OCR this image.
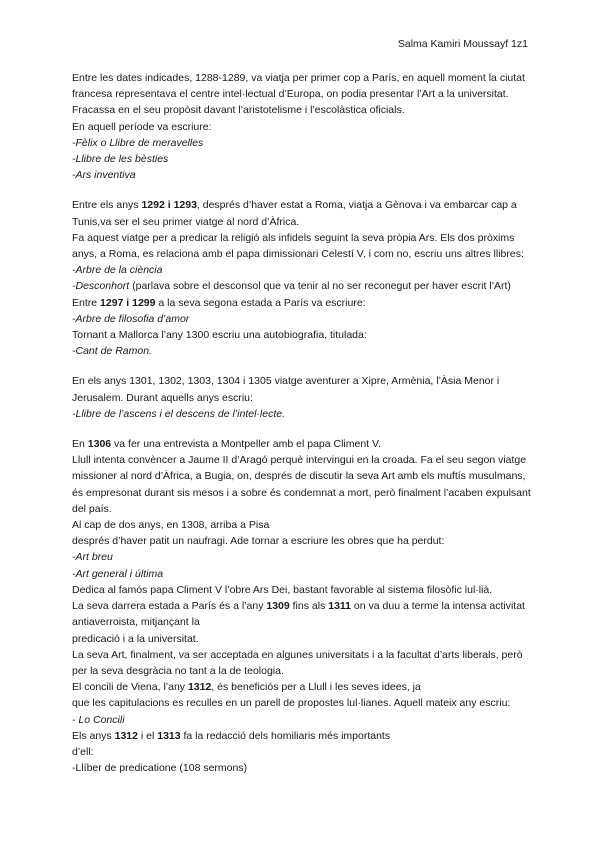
Salma Kamiri Moussayf 1z1

Entre les dates indicades, 1288-1289, va viatja per primer cop a París, en aquell moment la ciutat francesa representava el centre intel·lectual d’Europa, on podia presentar l’Art a la universitat. Fracassa en el seu propòsit davant l’aristotelisme i l’escolàstica oficials.

En aquell període va escriure:

-Fèlix o Llibre de meravelles

-Llibre de les bèsties

-Ars inventiva

Entre els anys 1292 i 1293, després d’haver estat a Roma, viatja a Gènova i va embarcar cap a Tunis,va ser el seu primer viatge al nord d’Àfrica.

Fa aquest viatge per a predicar la religió als infidels seguint la seva pròpia Ars. Els dos pròxims anys, a Roma, es relaciona amb el papa dimissionari Celestí V, i com no, escriu uns altres llibres:

-Arbre de la ciència

-Desconhort (parlava sobre el desconsol que va tenir al no ser reconegut per haver escrit l’Art)

Entre 1297 i 1299 a la seva segona estada a París va escriure:

-Arbre de filosofia d’amor

Tornant a Mallorca l’any 1300 escriu una autobiografia, titulada:

-Cant de Ramon.

En els anys 1301, 1302, 1303, 1304 i 1305 viatge aventurer a Xipre, Armènia, l’Àsia Menor i Jerusalem. Durant aquells anys escriu:

-Llibre de l’ascens i el descens de l’intel·lecte.

En 1306 va fer una entrevista a Montpeller amb el papa Climent V.

Llull intenta convèncer a Jaume II d’Aragó perquè intervingui en la croada. Fa el seu segon viatge missioner al nord d’Àfrica, a Bugia, on, després de discutir la seva Art amb els muftís musulmans, és empresonat durant sis mesos i a sobre és condemnat a mort, però finalment l’acaben expulsant del país.

Al cap de dos anys, en 1308, arriba a Pisa

després d’haver patit un naufragi. Ade tornar a escriure les obres que ha perdut:

-Art breu

-Art general i última

Dedica al famós papa Climent V l’obre Ars Dei, bastant favorable al sistema filosòfic lul·lià.

La seva darrera estada a París és a l’any 1309 fins als 1311 on va duu a terme la intensa activitat antiaverroista, mitjançant la

predicació i a la universitat.

La seva Art, finalment, va ser acceptada en algunes universitats i a la facultat d’arts liberals, però per la seva desgràcia no tant a la de teologia.

El concili de Viena, l’any 1312, és beneficiós per a Llull i les seves idees, ja

que les capitulacions es reculles en un parell de propostes lul·lianes. Aquell mateix any escriu:

- Lo Concili

Els anys 1312 i el 1313 fa la redacció dels homiliaris més importants

d’ell:

-Llíber de predicatione (108 sermons)
